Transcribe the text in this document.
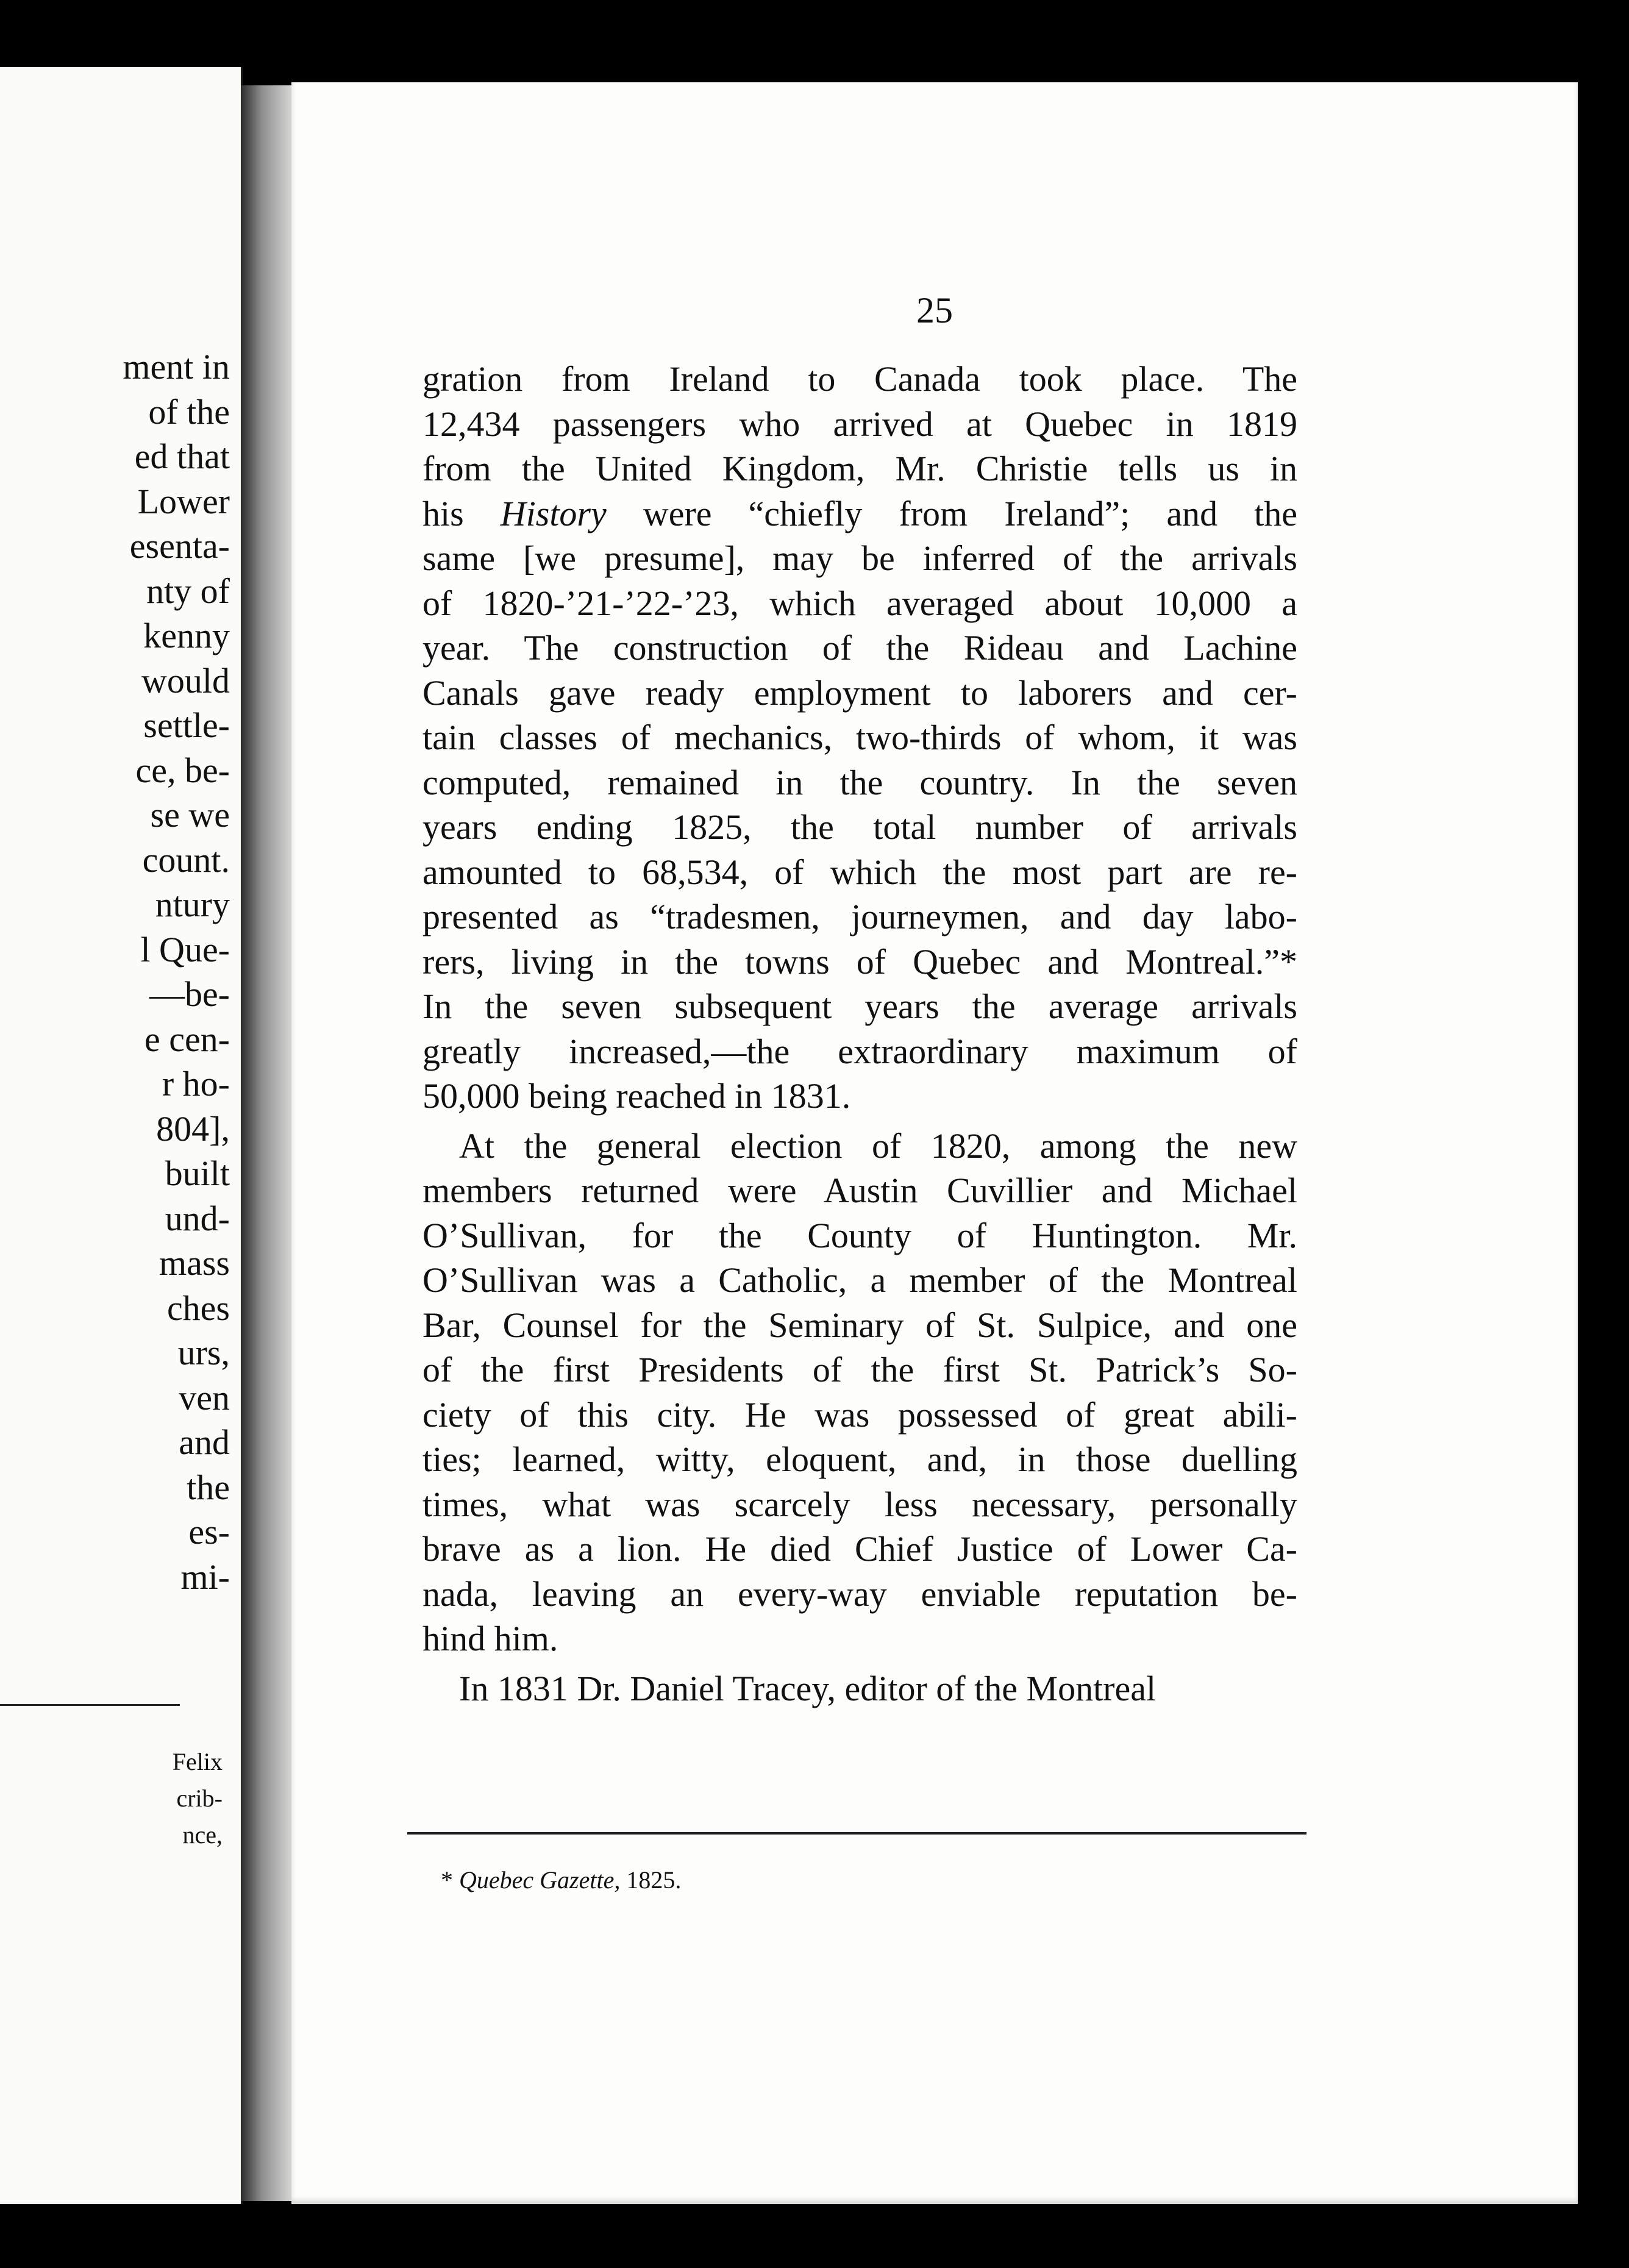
ment in
of the
ed that
Lower
esenta-
nty of
kenny
would
settle-
ce, be-
se we
count.
ntury
l Que-
—be-
e cen-
r ho-
804],
built
und-
mass
ches
urs,
ven
and
the
es-
mi-
Felix
crib-
nce,
25
gration from Ireland to Canada took place. The
12,434 passengers who arrived at Quebec in 1819
from the United Kingdom, Mr. Christie tells us in
his History were “chiefly from Ireland”; and the
same [we presume], may be inferred of the arrivals
of 1820-’21-’22-’23, which averaged about 10,000 a
year. The construction of the Rideau and Lachine
Canals gave ready employment to laborers and cer-
tain classes of mechanics, two-thirds of whom, it was
computed, remained in the country. In the seven
years ending 1825, the total number of arrivals
amounted to 68,534, of which the most part are re-
presented as “tradesmen, journeymen, and day labo-
rers, living in the towns of Quebec and Montreal.”*
In the seven subsequent years the average arrivals
greatly increased,—the extraordinary maximum of
50,000 being reached in 1831.
At the general election of 1820, among the new
members returned were Austin Cuvillier and Michael
O’Sullivan, for the County of Huntington. Mr.
O’Sullivan was a Catholic, a member of the Montreal
Bar, Counsel for the Seminary of St. Sulpice, and one
of the first Presidents of the first St. Patrick’s So-
ciety of this city. He was possessed of great abili-
ties; learned, witty, eloquent, and, in those duelling
times, what was scarcely less necessary, personally
brave as a lion. He died Chief Justice of Lower Ca-
nada, leaving an every-way enviable reputation be-
hind him.
In 1831 Dr. Daniel Tracey, editor of the Montreal
* Quebec Gazette, 1825.
